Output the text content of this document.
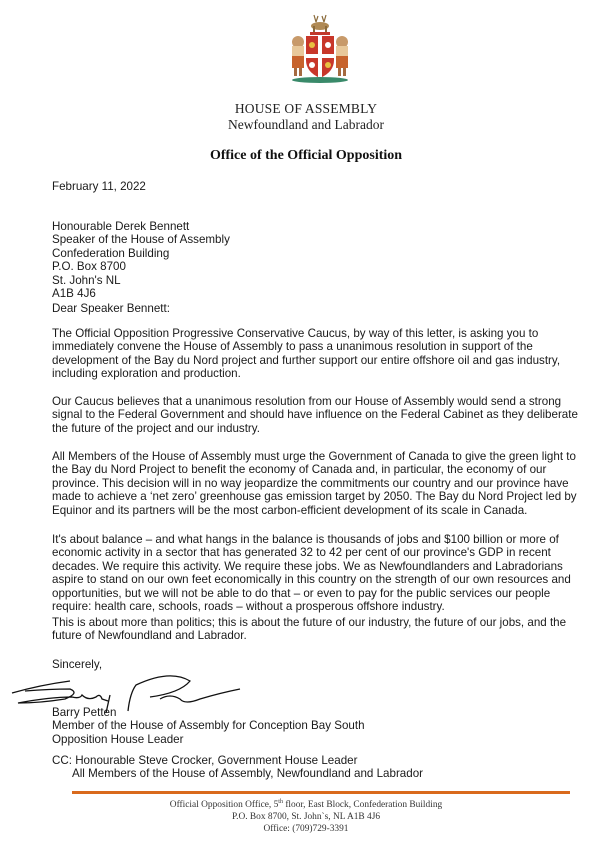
HOUSE OF ASSEMBLY
Newfoundland and Labrador
Office of the Official Opposition
February 11, 2022
Honourable Derek Bennett
Speaker of the House of Assembly
Confederation Building
P.O. Box 8700
St. John's NL
A1B 4J6
Dear Speaker Bennett:
The Official Opposition Progressive Conservative Caucus, by way of this letter, is asking you to immediately convene the House of Assembly to pass a unanimous resolution in support of the development of the Bay du Nord project and further support our entire offshore oil and gas industry, including exploration and production.
Our Caucus believes that a unanimous resolution from our House of Assembly would send a strong signal to the Federal Government and should have influence on the Federal Cabinet as they deliberate the future of the project and our industry.
All Members of the House of Assembly must urge the Government of Canada to give the green light to the Bay du Nord Project to benefit the economy of Canada and, in particular, the economy of our province. This decision will in no way jeopardize the commitments our country and our province have made to achieve a ‘net zero’ greenhouse gas emission target by 2050. The Bay du Nord Project led by Equinor and its partners will be the most carbon-efficient development of its scale in Canada.
It's about balance – and what hangs in the balance is thousands of jobs and $100 billion or more of economic activity in a sector that has generated 32 to 42 per cent of our province's GDP in recent decades. We require this activity. We require these jobs. We as Newfoundlanders and Labradorians aspire to stand on our own feet economically in this country on the strength of our own resources and opportunities, but we will not be able to do that – or even to pay for the public services our people require: health care, schools, roads – without a prosperous offshore industry.
This is about more than politics; this is about the future of our industry, the future of our jobs, and the future of Newfoundland and Labrador.
Sincerely,
Barry Petten
Member of the House of Assembly for Conception Bay South
Opposition House Leader
CC: Honourable Steve Crocker, Government House Leader
All Members of the House of Assembly, Newfoundland and Labrador
Official Opposition Office, 5th floor, East Block, Confederation Building
P.O. Box 8700, St. John`s, NL A1B 4J6
Office: (709)729-3391
